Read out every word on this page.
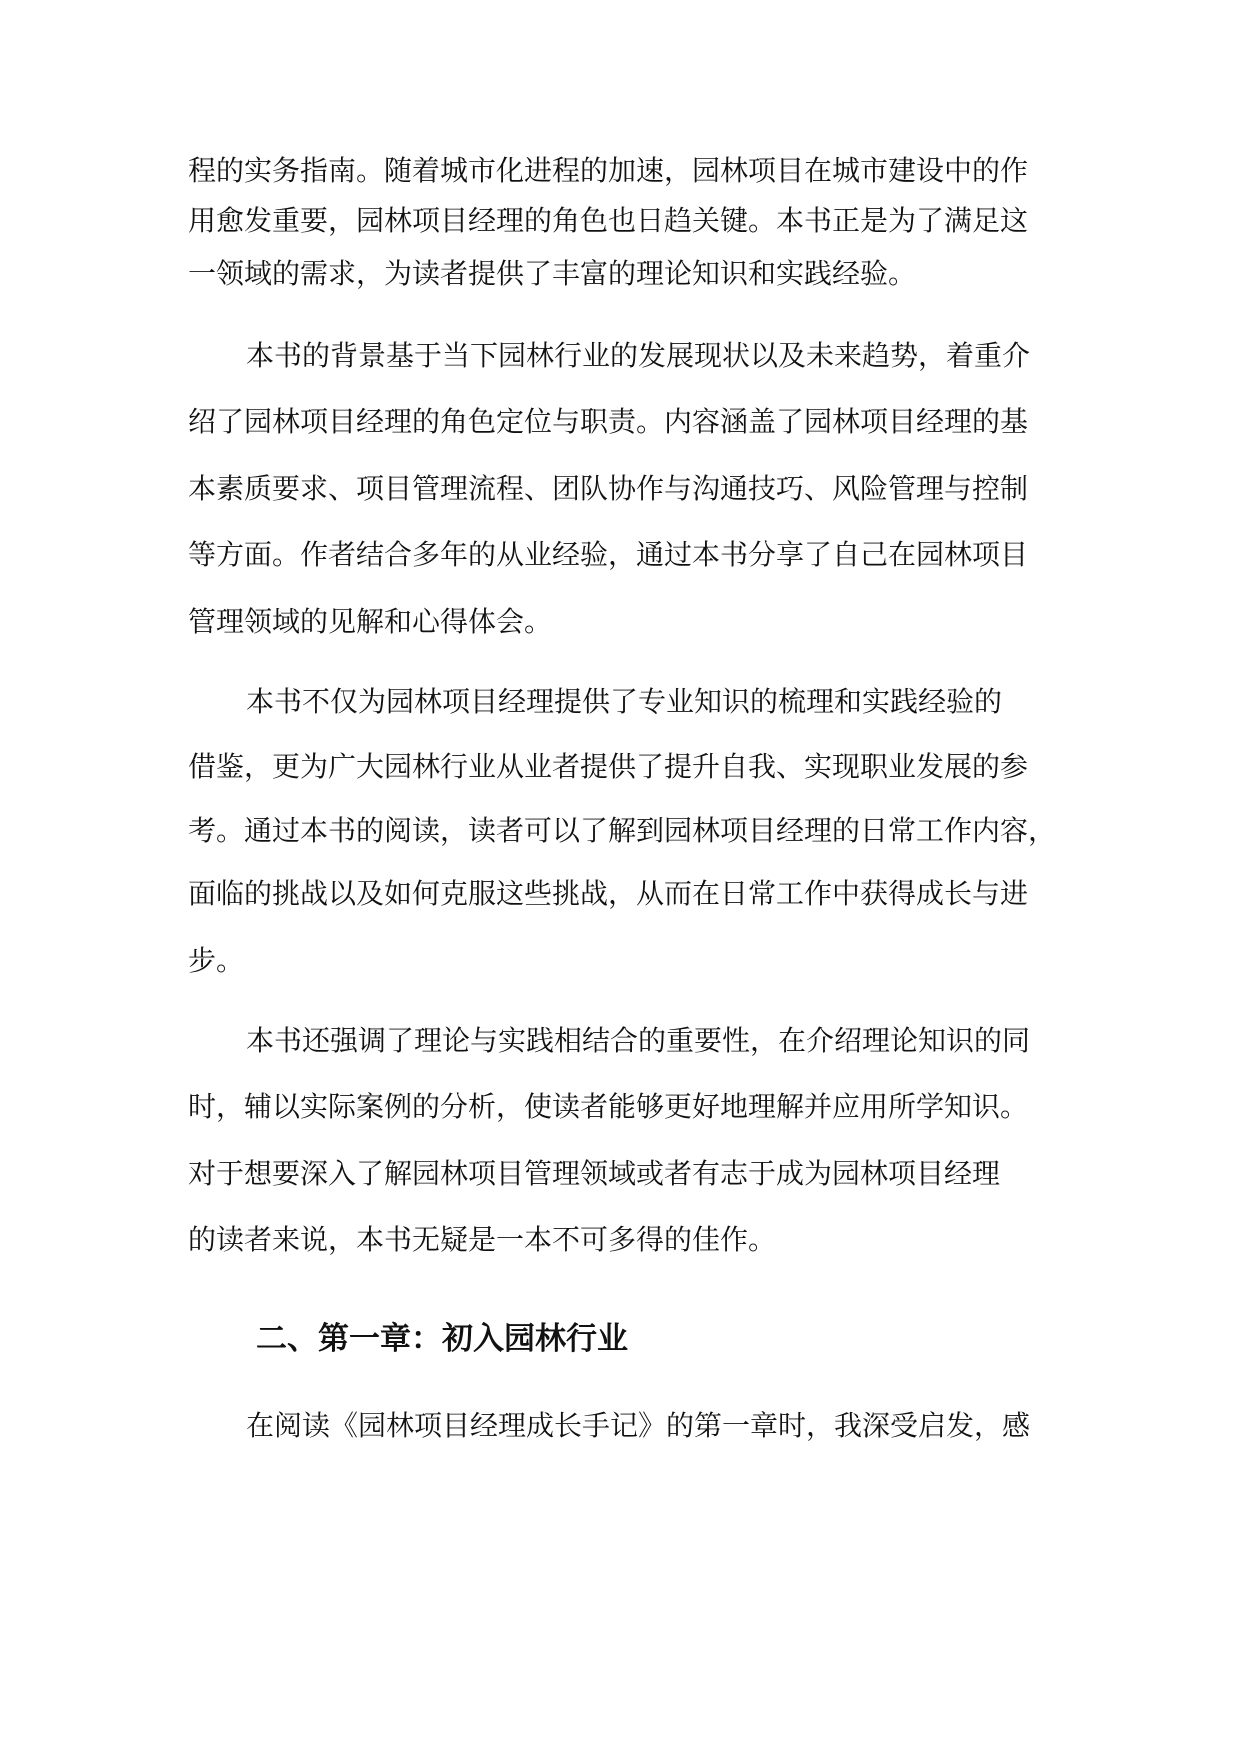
程的实务指南。随着城市化进程的加速，园林项目在城市建设中的作

用愈发重要，园林项目经理的角色也日趋关键。本书正是为了满足这

一领域的需求，为读者提供了丰富的理论知识和实践经验。

本书的背景基于当下园林行业的发展现状以及未来趋势，着重介

绍了园林项目经理的角色定位与职责。内容涵盖了园林项目经理的基

本素质要求、项目管理流程、团队协作与沟通技巧、风险管理与控制

等方面。作者结合多年的从业经验，通过本书分享了自己在园林项目

管理领域的见解和心得体会。

本书不仅为园林项目经理提供了专业知识的梳理和实践经验的

借鉴，更为广大园林行业从业者提供了提升自我、实现职业发展的参

考。通过本书的阅读，读者可以了解到园林项目经理的日常工作内容，

面临的挑战以及如何克服这些挑战，从而在日常工作中获得成长与进

步。

本书还强调了理论与实践相结合的重要性，在介绍理论知识的同

时，辅以实际案例的分析，使读者能够更好地理解并应用所学知识。

对于想要深入了解园林项目管理领域或者有志于成为园林项目经理

的读者来说，本书无疑是一本不可多得的佳作。

二、第一章：初入园林行业

在阅读《园林项目经理成长手记》的第一章时，我深受启发，感
